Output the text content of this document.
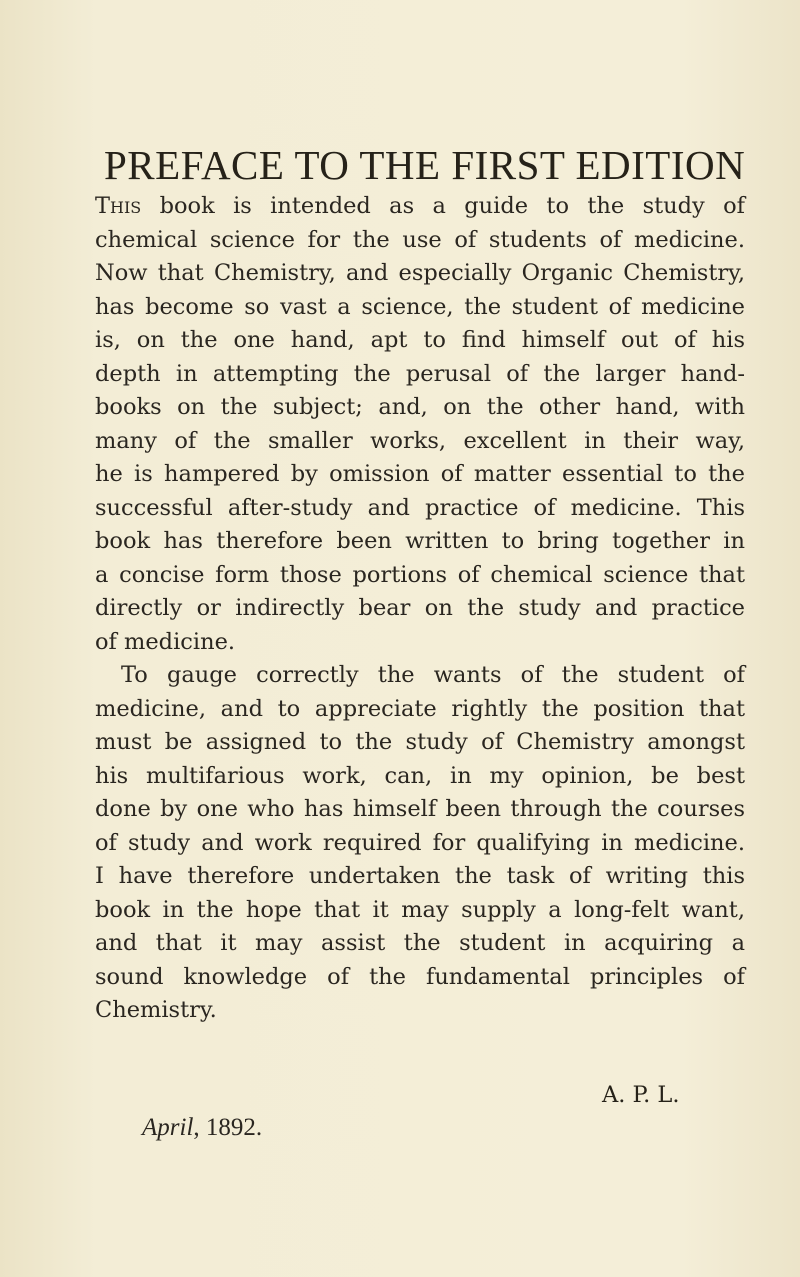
PREFACE TO THE FIRST EDITION
This book is intended as a guide to the study of
chemical science for the use of students of medicine.
Now that Chemistry, and especially Organic Chemistry,
has become so vast a science, the student of medicine
is, on the one hand, apt to find himself out of his
depth in attempting the perusal of the larger hand-
books on the subject; and, on the other hand, with
many of the smaller works, excellent in their way,
he is hampered by omission of matter essential to the
successful after-study and practice of medicine. This
book has therefore been written to bring together in
a concise form those portions of chemical science that
directly or indirectly bear on the study and practice
of medicine.
To gauge correctly the wants of the student of
medicine, and to appreciate rightly the position that
must be assigned to the study of Chemistry amongst
his multifarious work, can, in my opinion, be best
done by one who has himself been through the courses
of study and work required for qualifying in medicine.
I have therefore undertaken the task of writing this
book in the hope that it may supply a long-felt want,
and that it may assist the student in acquiring a
sound knowledge of the fundamental principles of
Chemistry.
A. P. L.
April, 1892.
